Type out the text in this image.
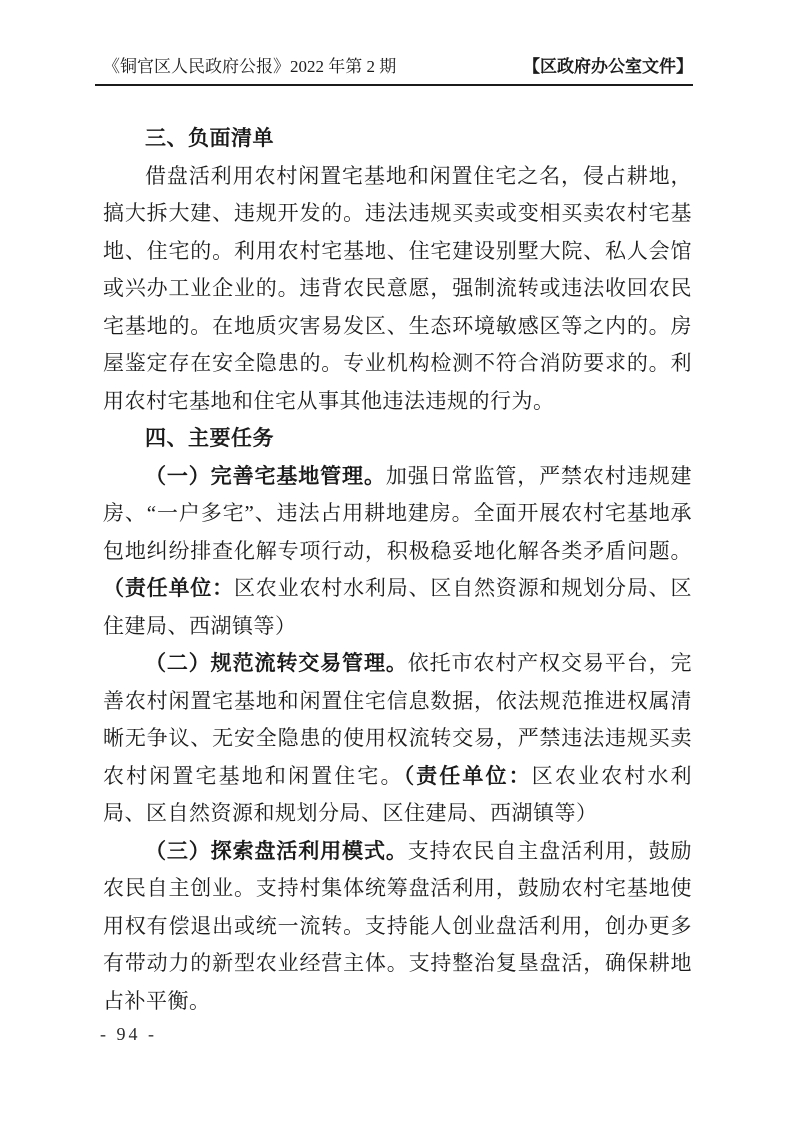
《铜官区人民政府公报》2022 年第 2 期	【区政府办公室文件】
三、负面清单

借盘活利用农村闲置宅基地和闲置住宅之名，侵占耕地，搞大拆大建、违规开发的。违法违规买卖或变相买卖农村宅基地、住宅的。利用农村宅基地、住宅建设别墅大院、私人会馆或兴办工业企业的。违背农民意愿，强制流转或违法收回农民宅基地的。在地质灾害易发区、生态环境敏感区等之内的。房屋鉴定存在安全隐患的。专业机构检测不符合消防要求的。利用农村宅基地和住宅从事其他违法违规的行为。

四、主要任务

（一）完善宅基地管理。加强日常监管，严禁农村违规建房、“一户多宅”、违法占用耕地建房。全面开展农村宅基地承包地纠纷排查化解专项行动，积极稳妥地化解各类矛盾问题。（责任单位：区农业农村水利局、区自然资源和规划分局、区住建局、西湖镇等）

（二）规范流转交易管理。依托市农村产权交易平台，完善农村闲置宅基地和闲置住宅信息数据，依法规范推进权属清晰无争议、无安全隐患的使用权流转交易，严禁违法违规买卖农村闲置宅基地和闲置住宅。（责任单位：区农业农村水利局、区自然资源和规划分局、区住建局、西湖镇等）

（三）探索盘活利用模式。支持农民自主盘活利用，鼓励农民自主创业。支持村集体统筹盘活利用，鼓励农村宅基地使用权有偿退出或统一流转。支持能人创业盘活利用，创办更多有带动力的新型农业经营主体。支持整治复垦盘活，确保耕地占补平衡。

- 94 -
